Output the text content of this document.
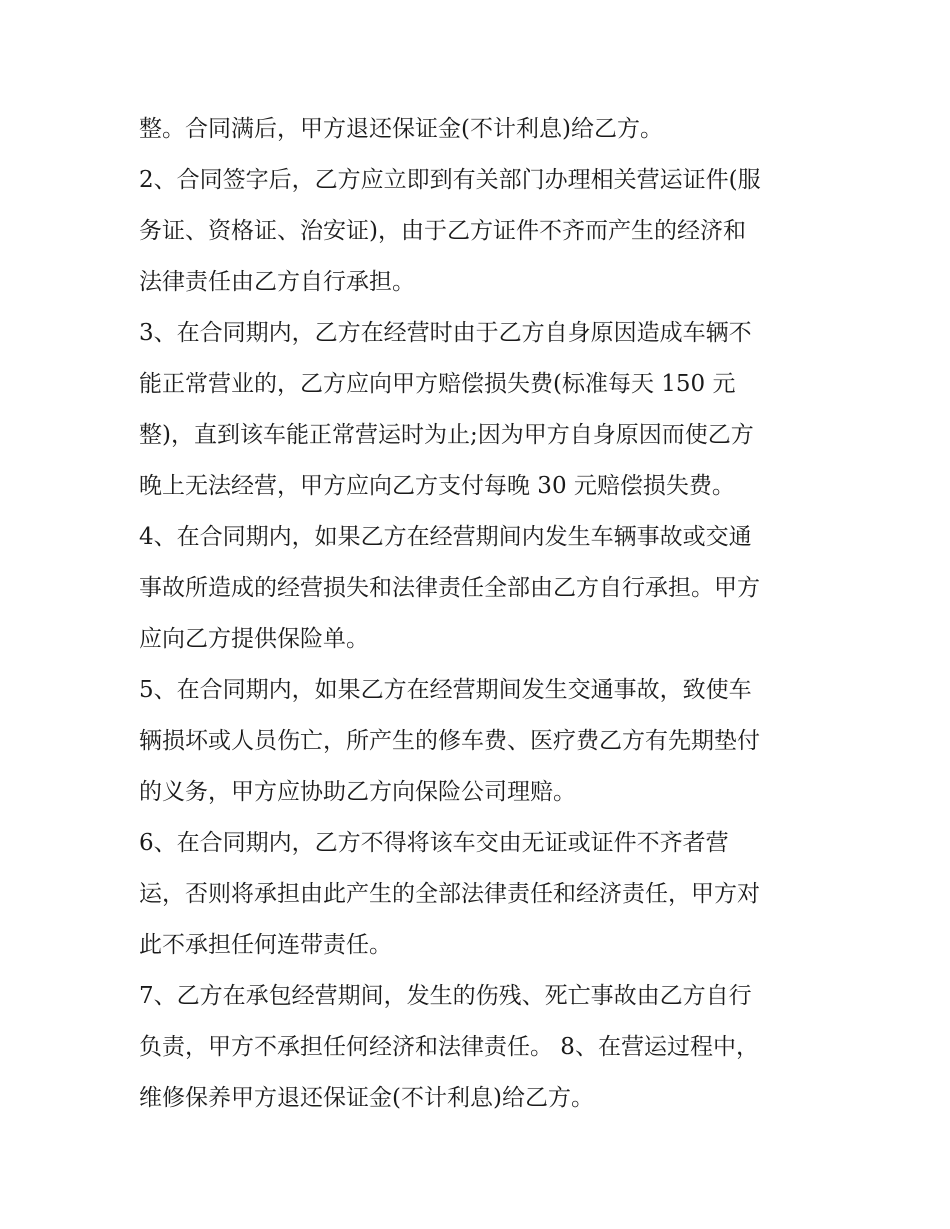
整。合同满后，甲方退还保证金(不计利息)给乙方。
2、合同签字后，乙方应立即到有关部门办理相关营运证件(服
务证、资格证、治安证)，由于乙方证件不齐而产生的经济和
法律责任由乙方自行承担。
3、在合同期内，乙方在经营时由于乙方自身原因造成车辆不
能正常营业的，乙方应向甲方赔偿损失费(标准每天 150 元
整)，直到该车能正常营运时为止;因为甲方自身原因而使乙方
晚上无法经营，甲方应向乙方支付每晚 30 元赔偿损失费。
4、在合同期内，如果乙方在经营期间内发生车辆事故或交通
事故所造成的经营损失和法律责任全部由乙方自行承担。甲方
应向乙方提供保险单。
5、在合同期内，如果乙方在经营期间发生交通事故，致使车
辆损坏或人员伤亡，所产生的修车费、医疗费乙方有先期垫付
的义务，甲方应协助乙方向保险公司理赔。
6、在合同期内，乙方不得将该车交由无证或证件不齐者营
运，否则将承担由此产生的全部法律责任和经济责任，甲方对
此不承担任何连带责任。
7、乙方在承包经营期间，发生的伤残、死亡事故由乙方自行
负责，甲方不承担任何经济和法律责任。 8、在营运过程中，
维修保养甲方退还保证金(不计利息)给乙方。
